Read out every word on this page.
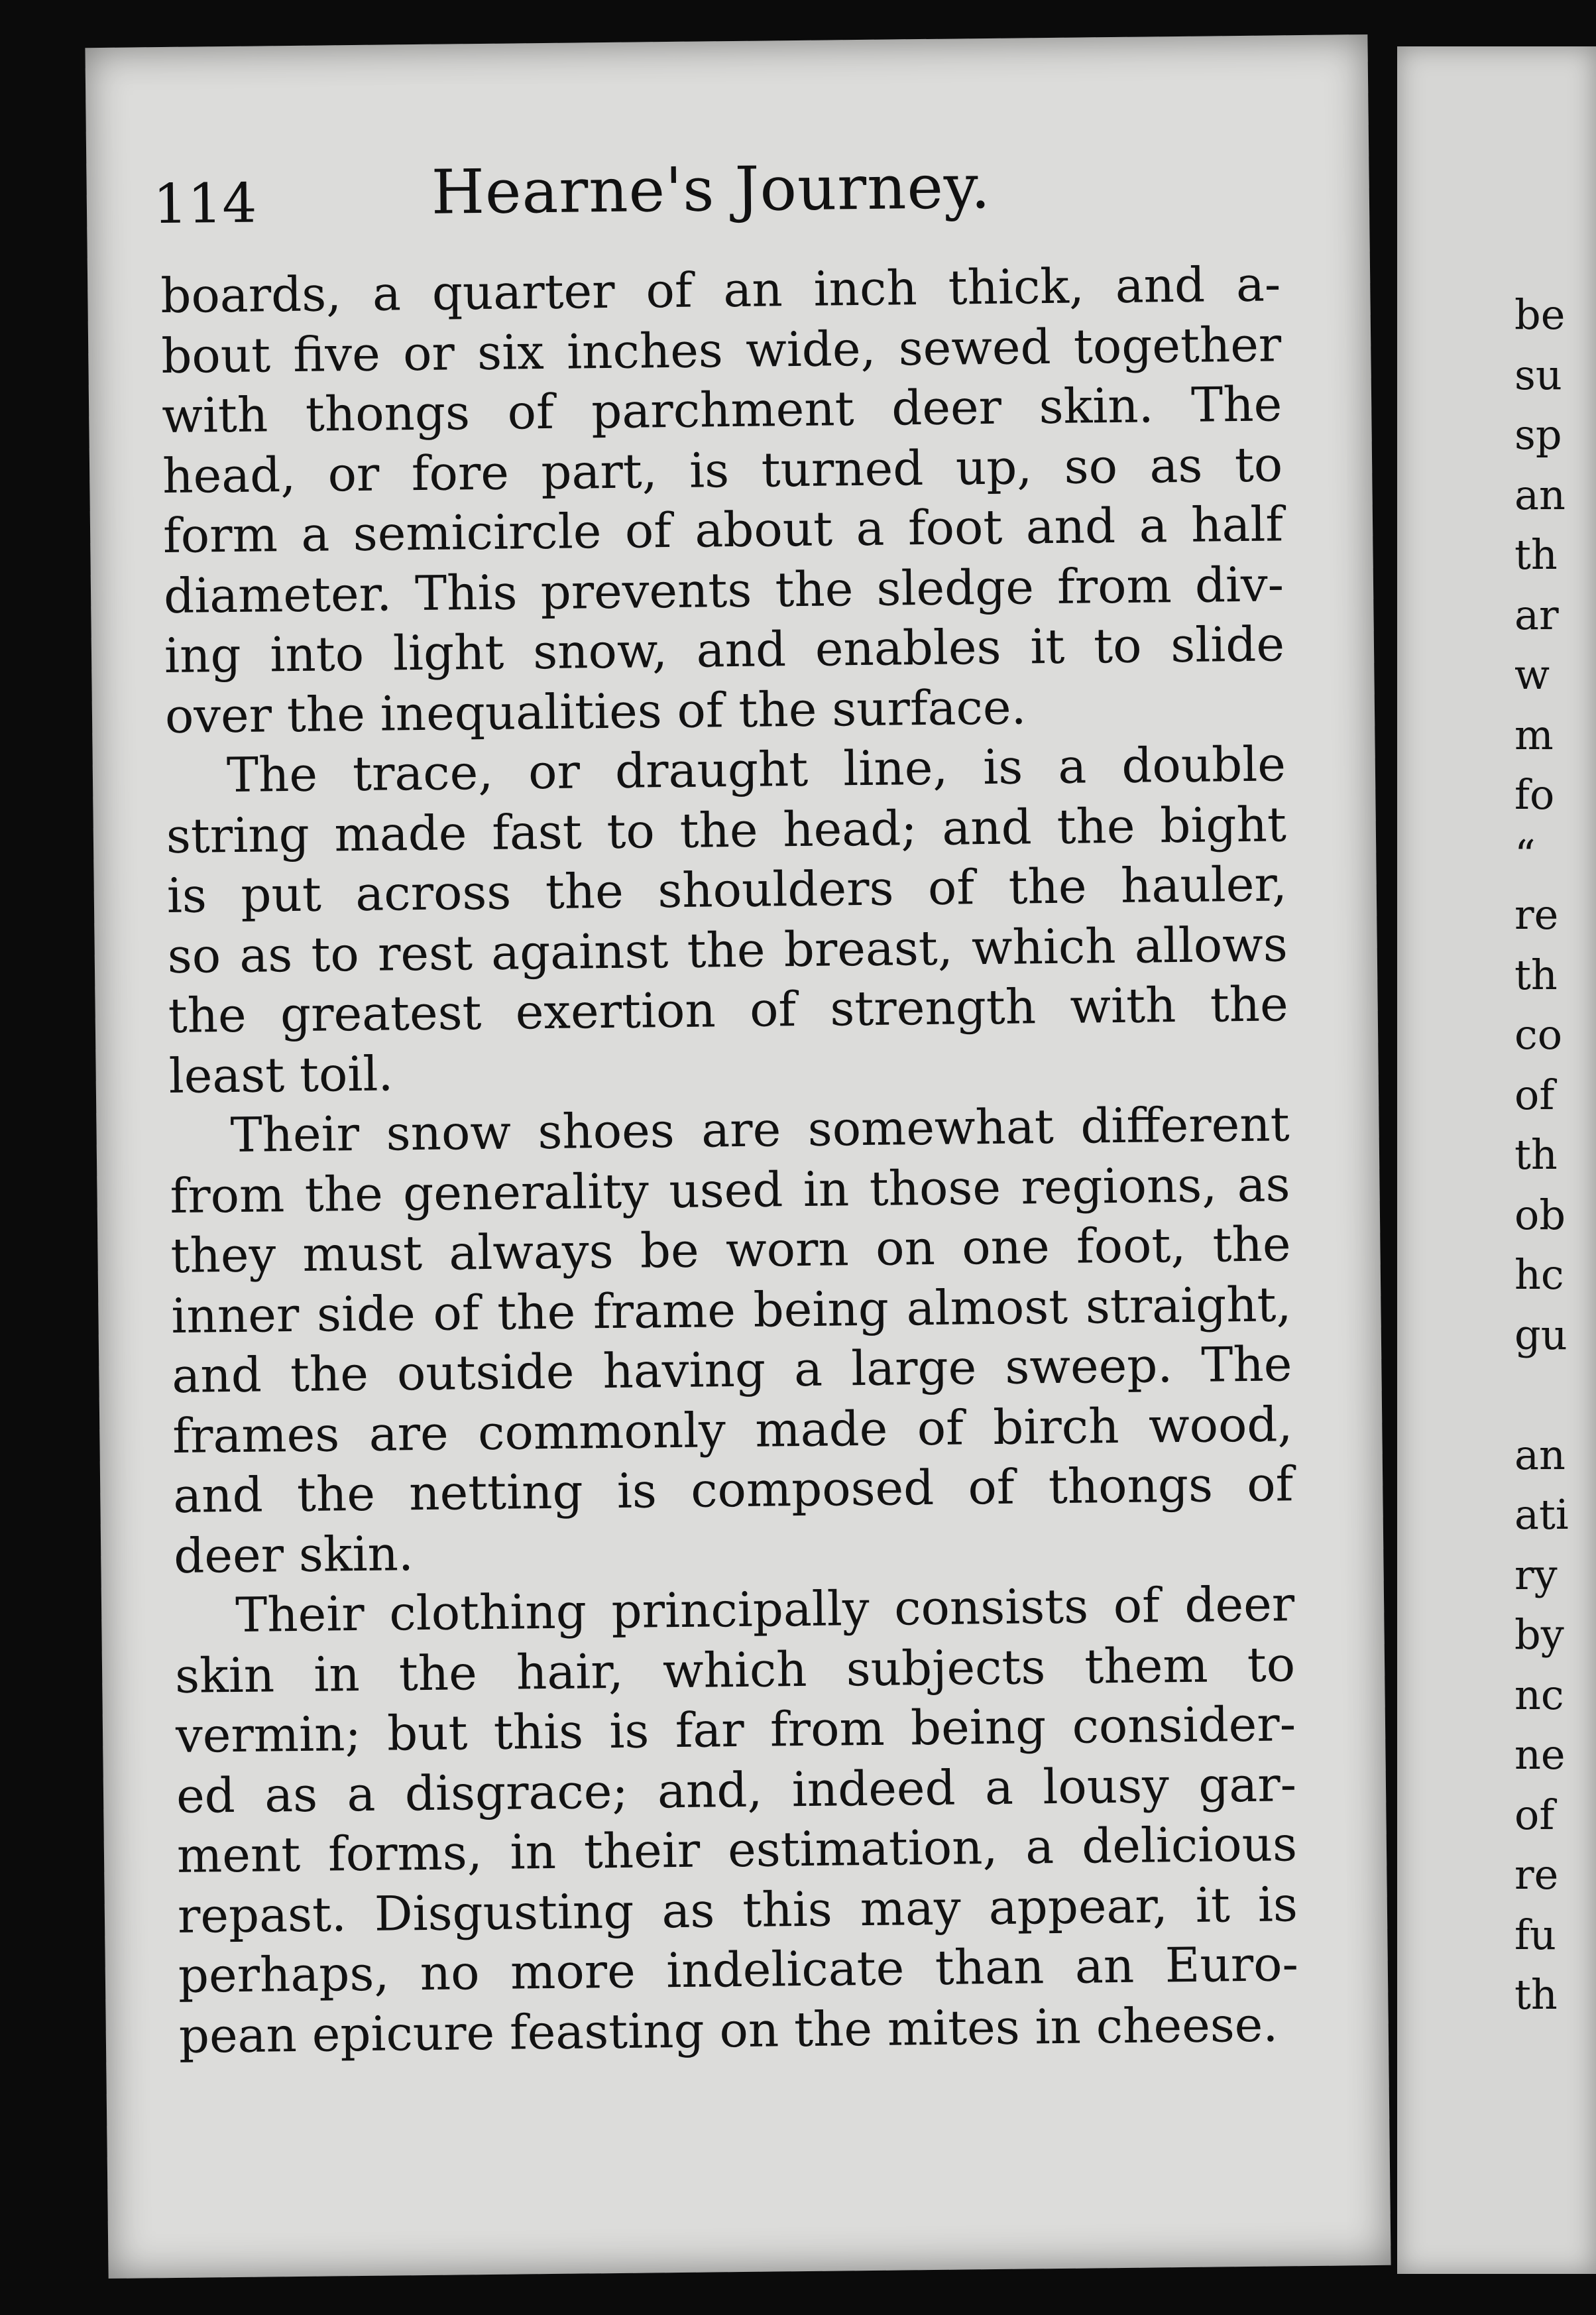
114	Hearne's Journey.
boards, a quarter of an inch thick, and a-
bout five or six inches wide, sewed together
with thongs of parchment deer skin. The
head, or fore part, is turned up, so as to
form a semicircle of about a foot and a half
diameter. This prevents the sledge from div-
ing into light snow, and enables it to slide
over the inequalities of the surface.
The trace, or draught line, is a double
string made fast to the head; and the bight
is put across the shoulders of the hauler,
so as to rest against the breast, which allows
the greatest exertion of strength with the
least toil.
Their snow shoes are somewhat different
from the generality used in those regions, as
they must always be worn on one foot, the
inner side of the frame being almost straight,
and the outside having a large sweep. The
frames are commonly made of birch wood,
and the netting is composed of thongs of
deer skin.
Their clothing principally consists of deer
skin in the hair, which subjects them to
vermin; but this is far from being consider-
ed as a disgrace; and, indeed a lousy gar-
ment forms, in their estimation, a delicious
repast. Disgusting as this may appear, it is
perhaps, no more indelicate than an Euro-
pean epicure feasting on the mites in cheese.
be
su
sp
an
th
ar
w
m
fo
“
re
th
co
of
th
ob
hc
gu
an
ati
ry
by
nc
ne
of
re
fu
th
